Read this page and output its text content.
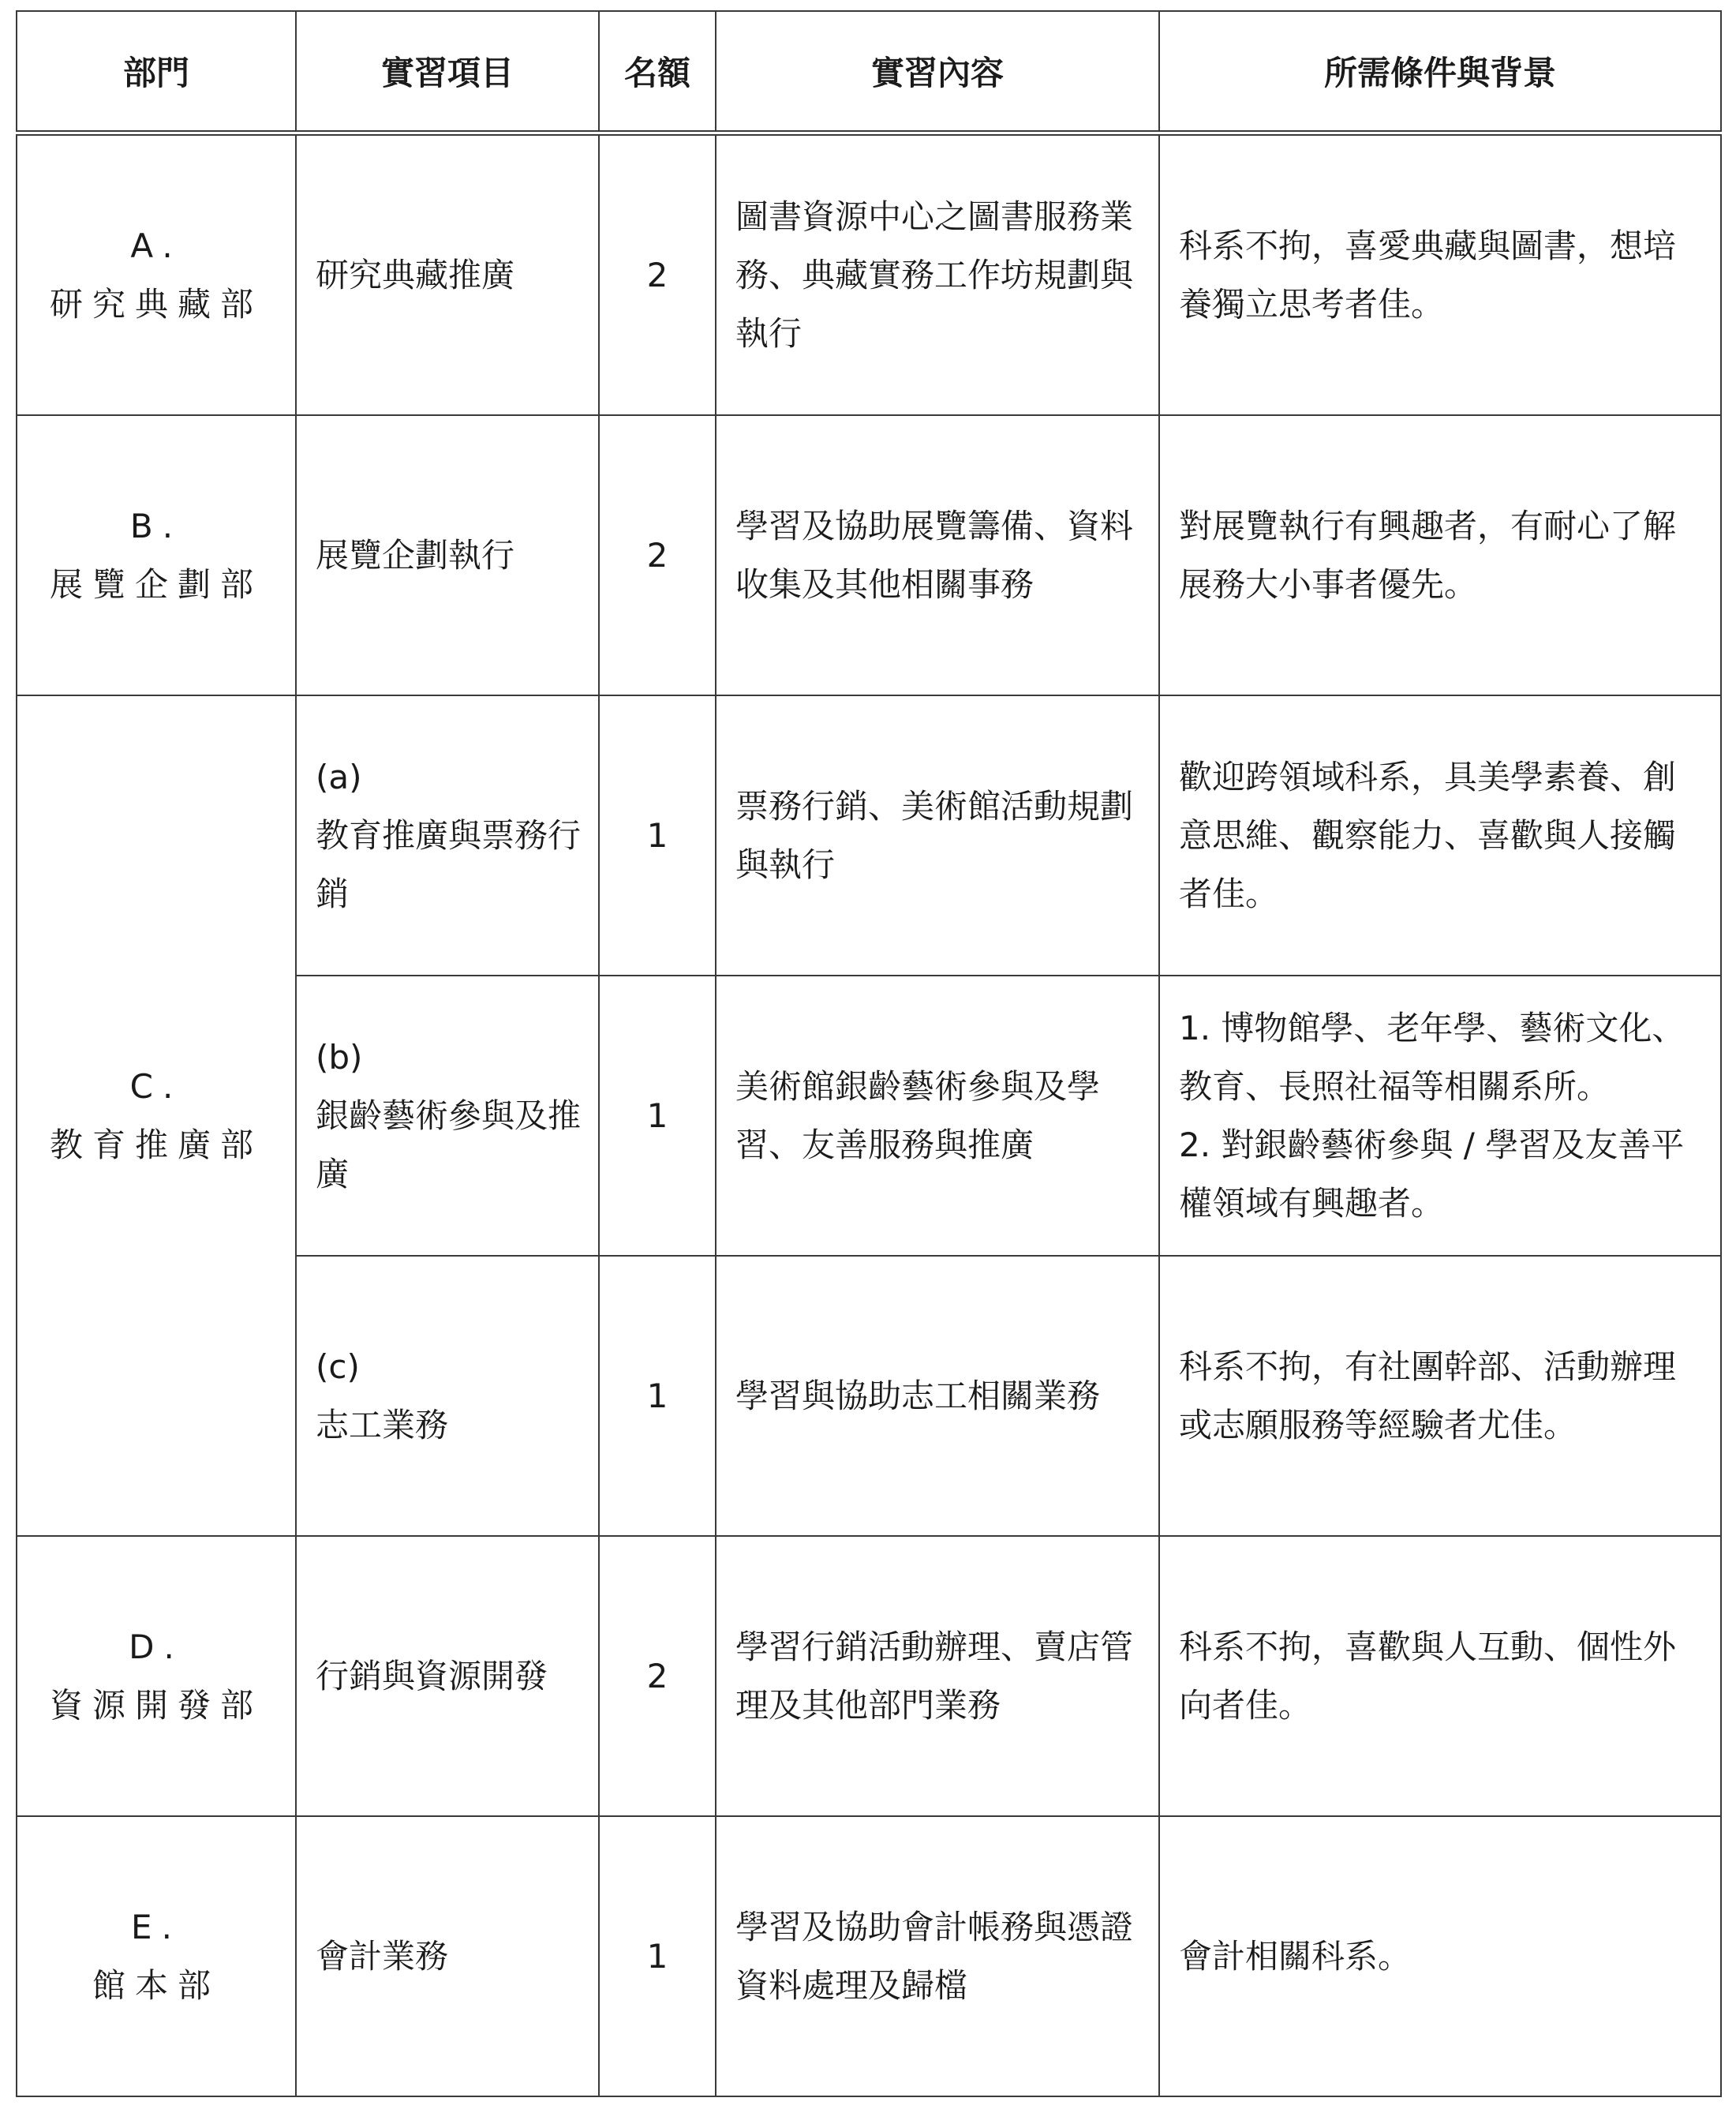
部門	實習項目	名額	實習內容	所需條件與背景

A.
研究典藏部	研究典藏推廣	2	圖書資源中心之圖書服務業務、典藏實務工作坊規劃與執行	科系不拘，喜愛典藏與圖書，想培養獨立思考者佳。

B.
展覽企劃部	展覽企劃執行	2	學習及協助展覽籌備、資料收集及其他相關事務	對展覽執行有興趣者，有耐心了解展務大小事者優先。

C.
教育推廣部	(a)
教育推廣與票務行銷	1	票務行銷、美術館活動規劃與執行	歡迎跨領域科系，具美學素養、創意思維、觀察能力、喜歡與人接觸者佳。

	(b)
銀齡藝術參與及推廣	1	美術館銀齡藝術參與及學習、友善服務與推廣	1. 博物館學、老年學、藝術文化、教育、長照社福等相關系所。
2. 對銀齡藝術參與 / 學習及友善平權領域有興趣者。

	(c)
志工業務	1	學習與協助志工相關業務	科系不拘，有社團幹部、活動辦理或志願服務等經驗者尤佳。

D.
資源開發部	行銷與資源開發	2	學習行銷活動辦理、賣店管理及其他部門業務	科系不拘，喜歡與人互動、個性外向者佳。

E.
館本部	會計業務	1	學習及協助會計帳務與憑證資料處理及歸檔	會計相關科系。
